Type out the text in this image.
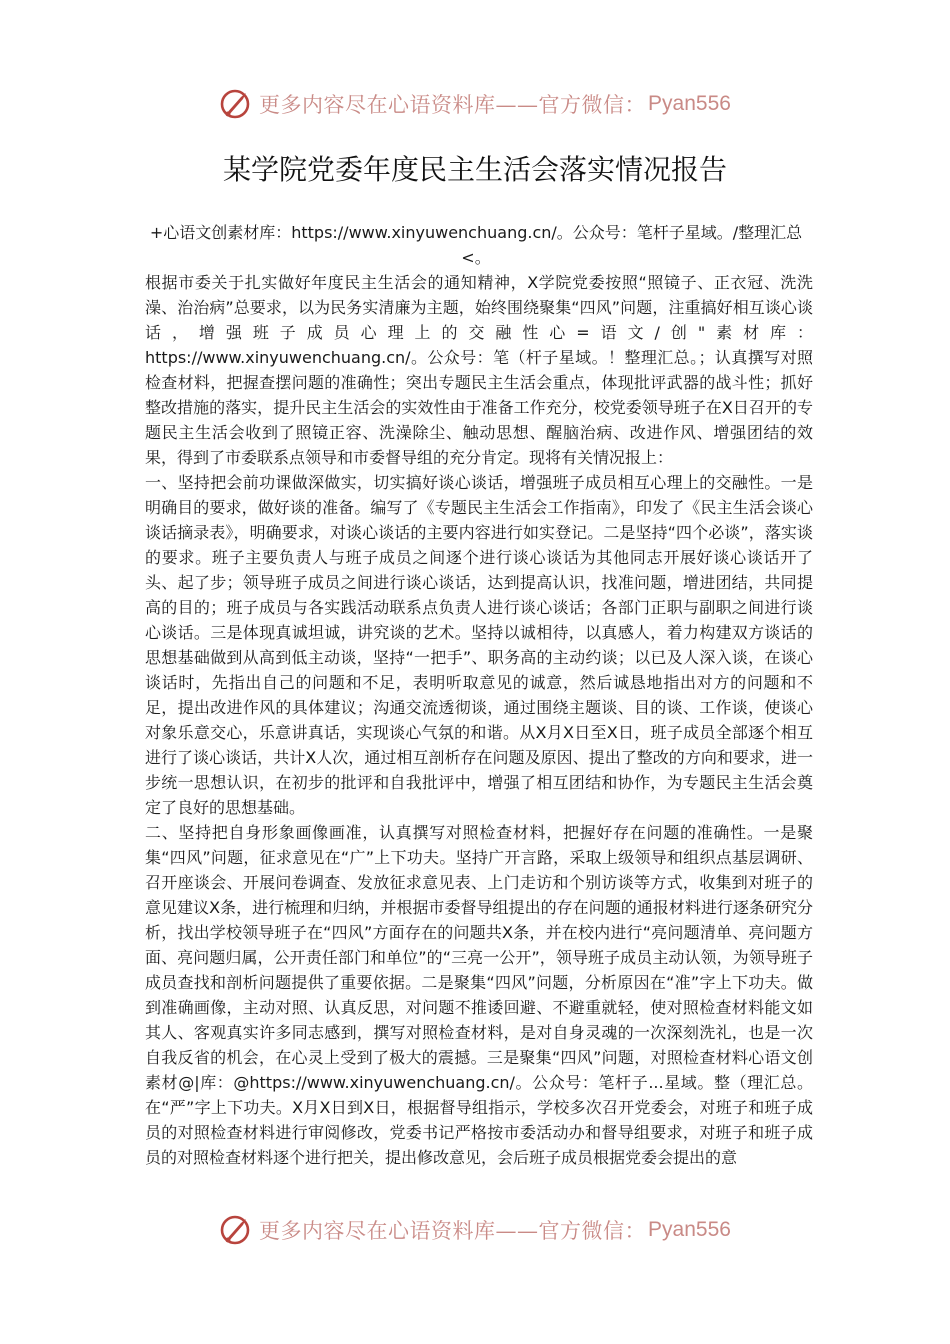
更多内容尽在心语资料库——官方微信： Pyan556
某学院党委年度民主生活会落实情况报告
+心语文创素材库：https://www.xinyuwenchuang.cn/。公众号：笔杆子星域。/整理汇总<。

根据市委关于扎实做好年度民主生活会的通知精神，X学院党委按照“照镜子、正衣冠、洗洗澡、治治病”总要求，以为民务实清廉为主题，始终围绕聚集“四风”问题，注重搞好相互谈心谈话，增强班子成员心理上的交融性心=语文/创"素材库：https://www.xinyuwenchuang.cn/。公众号：笔（杆子星域。！整理汇总。；认真撰写对照检查材料，把握查摆问题的准确性；突出专题民主生活会重点，体现批评武器的战斗性；抓好整改措施的落实，提升民主生活会的实效性由于准备工作充分，校党委领导班子在X日召开的专题民主生活会收到了照镜正容、洗澡除尘、触动思想、醒脑治病、改进作风、增强团结的效果，得到了市委联系点领导和市委督导组的充分肯定。现将有关情况报上：

一、坚持把会前功课做深做实，切实搞好谈心谈话，增强班子成员相互心理上的交融性。一是明确目的要求，做好谈的准备。编写了《专题民主生活会工作指南》，印发了《民主生活会谈心谈话摘录表》，明确要求，对谈心谈话的主要内容进行如实登记。二是坚持“四个必谈”，落实谈的要求。班子主要负责人与班子成员之间逐个进行谈心谈话为其他同志开展好谈心谈话开了头、起了步；领导班子成员之间进行谈心谈话，达到提高认识，找准问题，增进团结，共同提高的目的；班子成员与各实践活动联系点负责人进行谈心谈话；各部门正职与副职之间进行谈心谈话。三是体现真诚坦诚，讲究谈的艺术。坚持以诚相待，以真感人，着力构建双方谈话的思想基础做到从高到低主动谈，坚持“一把手”、职务高的主动约谈；以已及人深入谈，在谈心谈话时，先指出自己的问题和不足，表明听取意见的诚意，然后诚恳地指出对方的问题和不足，提出改进作风的具体建议；沟通交流透彻谈，通过围绕主题谈、目的谈、工作谈，使谈心对象乐意交心，乐意讲真话，实现谈心气氛的和谐。从X月X日至X日，班子成员全部逐个相互进行了谈心谈话，共计X人次，通过相互剖析存在问题及原因、提出了整改的方向和要求，进一步统一思想认识，在初步的批评和自我批评中，增强了相互团结和协作，为专题民主生活会奠定了良好的思想基础。

二、坚持把自身形象画像画准，认真撰写对照检查材料，把握好存在问题的准确性。一是聚集“四风”问题，征求意见在“广”上下功夫。坚持广开言路，采取上级领导和组织点基层调研、召开座谈会、开展问卷调查、发放征求意见表、上门走访和个别访谈等方式，收集到对班子的意见建议X条，进行梳理和归纳，并根据市委督导组提出的存在问题的通报材料进行逐条研究分析，找出学校领导班子在“四风”方面存在的问题共X条，并在校内进行“亮问题清单、亮问题方面、亮问题归属，公开责任部门和单位”的“三亮一公开”，领导班子成员主动认领，为领导班子成员查找和剖析问题提供了重要依据。二是聚集“四风”问题，分析原因在“准”字上下功夫。做到准确画像，主动对照、认真反思，对问题不推诿回避、不避重就轻，使对照检查材料能文如其人、客观真实许多同志感到，撰写对照检查材料，是对自身灵魂的一次深刻洗礼，也是一次自我反省的机会，在心灵上受到了极大的震撼。三是聚集“四风”问题，对照检查材料心语文创素材@|库：@https://www.xinyuwenchuang.cn/。公众号：笔杆子...星域。整（理汇总。在“严”字上下功夫。X月X日到X日，根据督导组指示，学校多次召开党委会，对班子和班子成员的对照检查材料进行审阅修改，党委书记严格按市委活动办和督导组要求，对班子和班子成员的对照检查材料逐个进行把关，提出修改意见，会后班子成员根据党委会提出的意

更多内容尽在心语资料库——官方微信： Pyan556
